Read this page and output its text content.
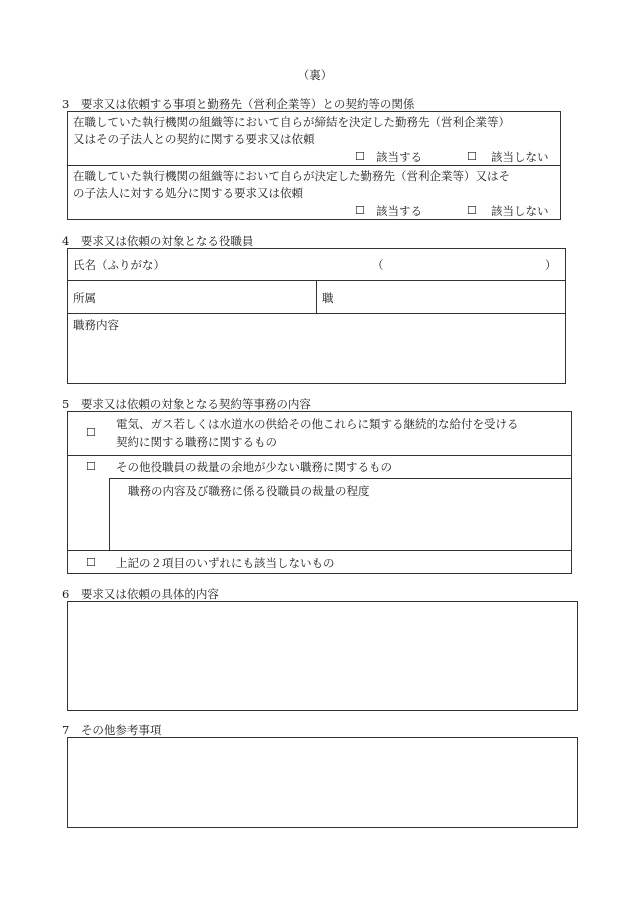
（裏）
3　要求又は依頼する事項と勤務先（営利企業等）との契約等の関係
在職していた執行機関の組織等において自らが締結を決定した勤務先（営利企業等）
又はその子法人との契約に関する要求又は依頼
☐ 該当する	☐ 該当しない
在職していた執行機関の組織等において自らが決定した勤務先（営利企業等）又はそ
の子法人に対する処分に関する要求又は依頼
☐ 該当する	☐ 該当しない
4　要求又は依頼の対象となる役職員
氏名（ふりがな）	（	）
所属	職
職務内容
5　要求又は依頼の対象となる契約等事務の内容
☐
電気、ガス若しくは水道水の供給その他これらに類する継続的な給付を受ける
契約に関する職務に関するもの
☐ その他役職員の裁量の余地が少ない職務に関するもの
職務の内容及び職務に係る役職員の裁量の程度
☐ 上記の２項目のいずれにも該当しないもの
6　要求又は依頼の具体的内容
7　その他参考事項
